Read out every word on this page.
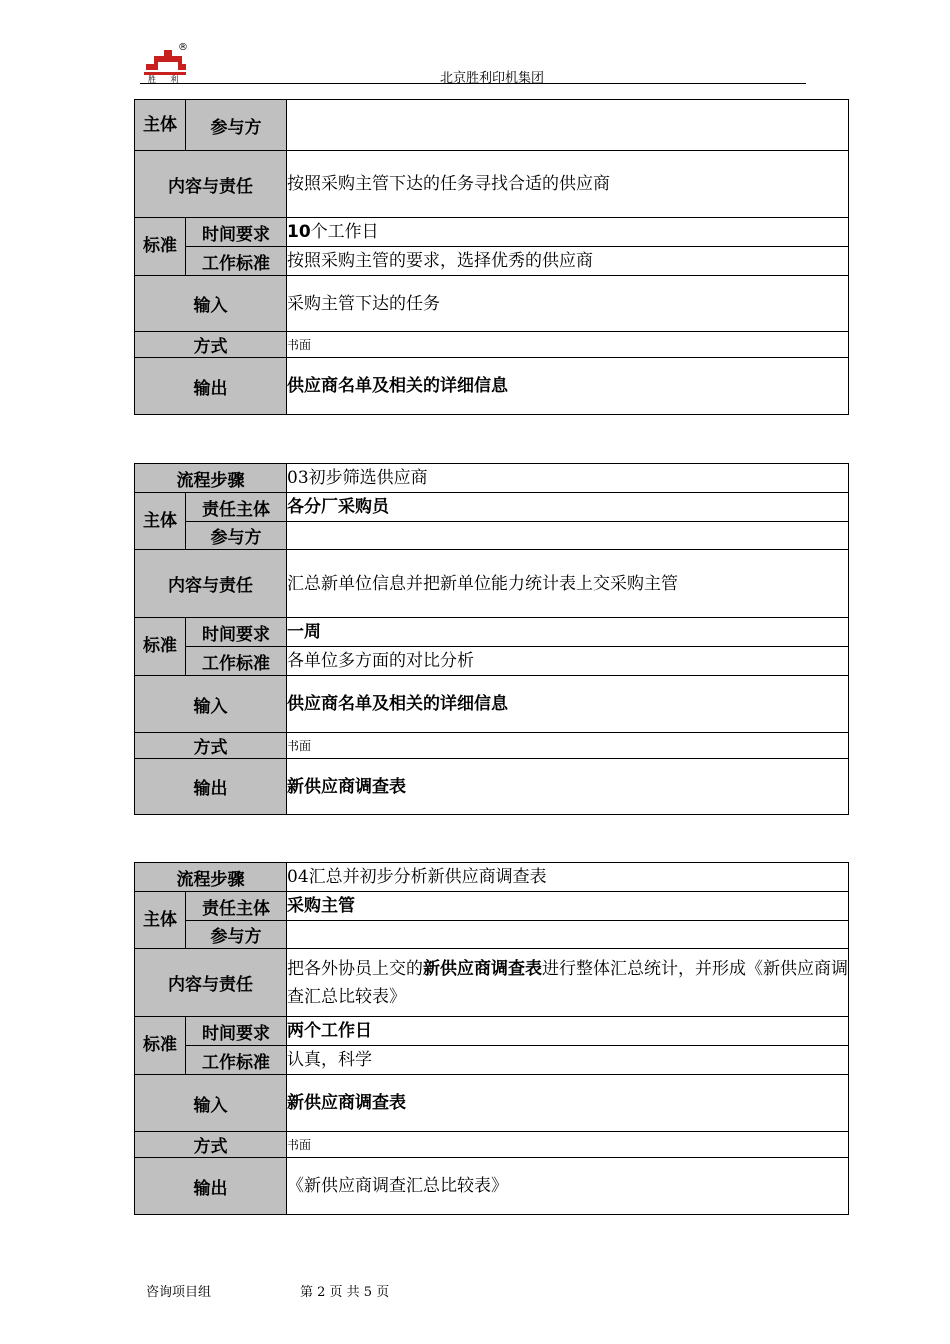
®
胜 利	北京胜利印机集团
主体	参与方	
内容与责任		按照采购主管下达的任务寻找合适的供应商
标准	时间要求	10个工作日
	工作标准	按照采购主管的要求，选择优秀的供应商
输入		采购主管下达的任务
方式		书面
输出		供应商名单及相关的详细信息
流程步骤		03初步筛选供应商
主体	责任主体	各分厂采购员
	参与方	
内容与责任		汇总新单位信息并把新单位能力统计表上交采购主管
标准	时间要求	一周
	工作标准	各单位多方面的对比分析
输入		供应商名单及相关的详细信息
方式		书面
输出		新供应商调查表
流程步骤		04汇总并初步分析新供应商调查表
主体	责任主体	采购主管
	参与方	
内容与责任		把各外协员上交的新供应商调查表进行整体汇总统计，并形成《新供应商调查汇总比较表》
标准	时间要求	两个工作日
	工作标准	认真，科学
输入		新供应商调查表
方式		书面
输出		《新供应商调查汇总比较表》
咨询项目组	第 2 页 共 5 页
